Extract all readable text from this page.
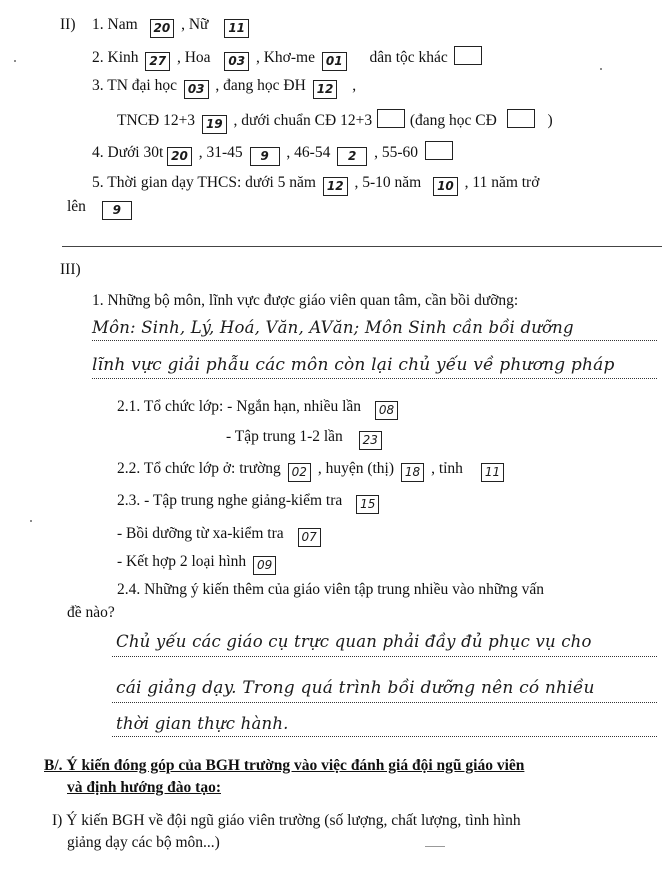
II) 1. Nam 20 , Nữ 11
2. Kinh 27 , Hoa 03 , Khơ-me 01 dân tộc khác
3. TN đại học 03 , đang học ĐH 12 ,
TNCĐ 12+3 19 , dưới chuẩn CĐ 12+3 (đang học CĐ	)
4. Dưới 30t 20 , 31-45 9 , 46-54 2 , 55-60
5. Thời gian dạy THCS: dưới 5 năm 12 , 5-10 năm 10 , 11 năm trở
lên 9
III)
1. Những bộ môn, lĩnh vực được giáo viên quan tâm, cần bồi dưỡng:
Môn: Sinh, Lý, Hoá, Văn, AVăn; Môn Sinh cần bồi dưỡng
lĩnh vực giải phẫu các môn còn lại chủ yếu về phương pháp
2.1. Tổ chức lớp: - Ngắn hạn, nhiều lần 08
- Tập trung 1-2 lần 23
2.2. Tổ chức lớp ở: trường 02 , huyện (thị) 18 , tỉnh 11
2.3. - Tập trung nghe giảng-kiểm tra 15
- Bồi dưỡng từ xa-kiểm tra 07
- Kết hợp 2 loại hình 09
2.4. Những ý kiến thêm của giáo viên tập trung nhiều vào những vấn
đề nào?
Chủ yếu các giáo cụ trực quan phải đầy đủ phục vụ cho
cái giảng dạy. Trong quá trình bồi dưỡng nên có nhiều
thời gian thực hành.
B/. Ý kiến đóng góp của BGH trường vào việc đánh giá đội ngũ giáo viên
và định hướng đào tạo:
I) Ý kiến BGH về đội ngũ giáo viên trường (số lượng, chất lượng, tình hình
giảng dạy các bộ môn...)
